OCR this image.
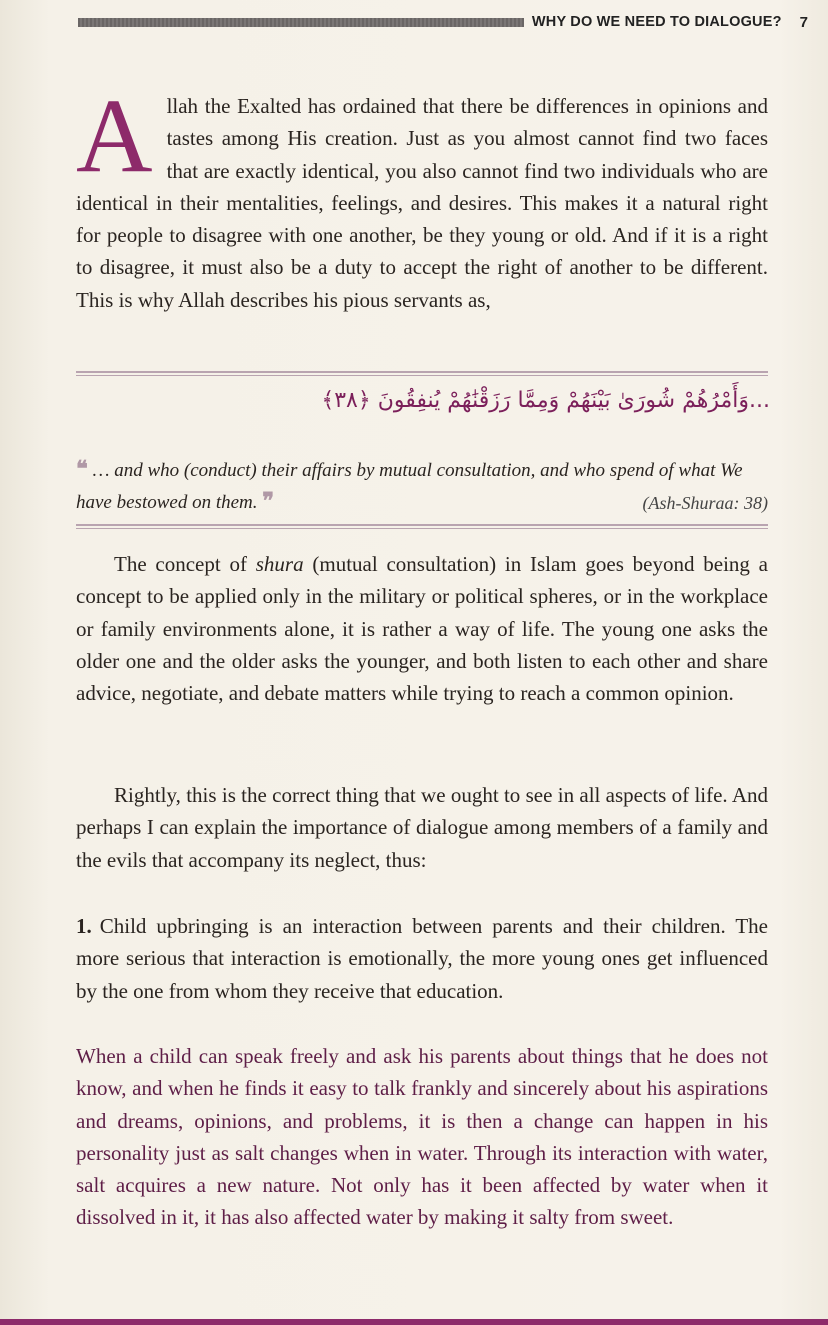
WHY DO WE NEED TO DIALOGUE? 7
Allah the Exalted has ordained that there be differences in opinions and tastes among His creation. Just as you almost cannot find two faces that are exactly identical, you also cannot find two individuals who are identical in their mentalities, feelings, and desires. This makes it a natural right for people to disagree with one another, be they young or old. And if it is a right to disagree, it must also be a duty to accept the right of another to be different. This is why Allah describes his pious servants as,
...وَأَمْرُهُمْ شُورَىٰ بَيْنَهُمْ وَمِمَّا رَزَقْنَٰهُمْ يُنفِقُونَ ﴿٣٨﴾
❝ … and who (conduct) their affairs by mutual consultation, and who spend of what We have bestowed on them. ❞	(Ash-Shuraa: 38)
The concept of shura (mutual consultation) in Islam goes beyond being a concept to be applied only in the military or political spheres, or in the workplace or family environments alone, it is rather a way of life. The young one asks the older one and the older asks the younger, and both listen to each other and share advice, negotiate, and debate matters while trying to reach a common opinion.
Rightly, this is the correct thing that we ought to see in all aspects of life. And perhaps I can explain the importance of dialogue among members of a family and the evils that accompany its neglect, thus:
1. Child upbringing is an interaction between parents and their children. The more serious that interaction is emotionally, the more young ones get influenced by the one from whom they receive that education.
When a child can speak freely and ask his parents about things that he does not know, and when he finds it easy to talk frankly and sincerely about his aspirations and dreams, opinions, and problems, it is then a change can happen in his personality just as salt changes when in water. Through its interaction with water, salt acquires a new nature. Not only has it been affected by water when it dissolved in it, it has also affected water by making it salty from sweet.
